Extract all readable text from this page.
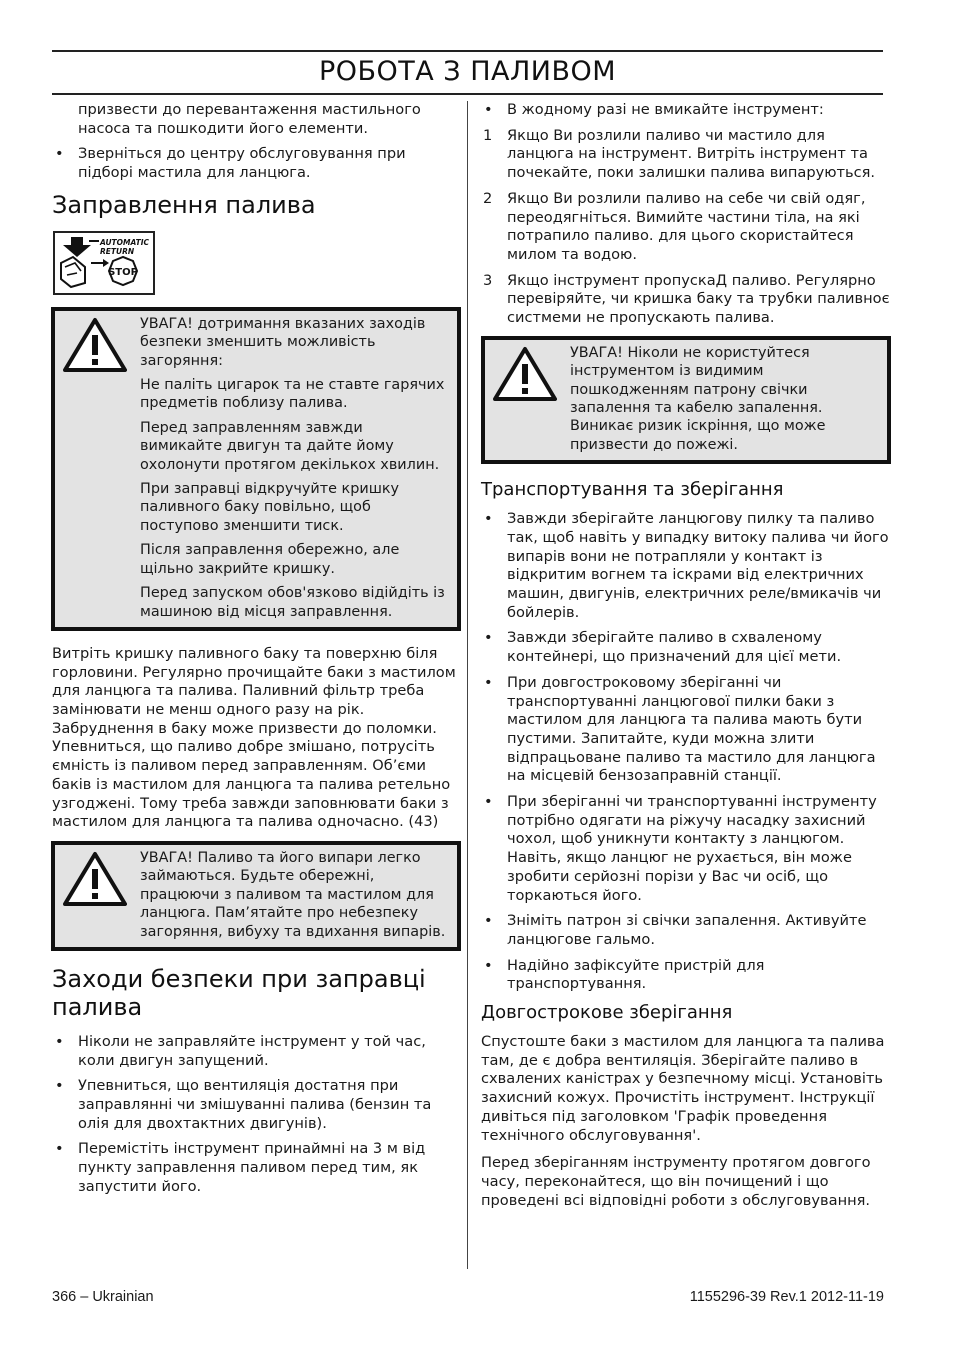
РОБОТА З ПАЛИВОМ

призвести до перевантаження мастильного насоса та пошкодити його елементи.

• Зверніться до центру обслуговування при підборі мастила для ланцюга.
Заправлення палива
AUTOMATIC
RETURN
STOP

УВАГА! дотримання вказаних заходів безпеки зменшить можливість загоряння:

Не паліть цигарок та не ставте гарячих предметів поблизу палива.

Перед заправленням завжди вимикайте двигун та дайте йому охолонути протягом декількох хвилин.

При заправці відкручуйте кришку паливного баку повільно, щоб поступово зменшити тиск.

Після заправлення обережно, але щільно закрийте кришку.

Перед запуском обов'язково відійдіть із машиною від місця заправлення.

Витріть кришку паливного баку та поверхню біля горловини. Регулярно прочищайте баки з мастилом для ланцюга та палива. Паливний фільтр треба замінювати не менш одного разу на рік. Забруднення в баку може призвести до поломки. Упевниться, що паливо добре змішано, потрусіть ємність із паливом перед заправленням. Об’єми баків із мастилом для ланцюга та палива ретельно узгоджені. Тому треба завжди заповнювати баки з мастилом для ланцюга та палива одночасно. (43)

УВАГА! Паливо та його випари легко займаються. Будьте обережні, працюючи з паливом та мастилом для ланцюга. Пам’ятайте про небезпеку загоряння, вибуху та вдихання випарів.

Заходи безпеки при заправці палива
• Ніколи не заправляйте інструмент у той час, коли двигун запущений.
• Упевниться, що вентиляція достатня при заправлянні чи змішуванні палива (бензин та олія для двохтактних двигунів).
• Перемістіть інструмент принаймні на 3 м від пункту заправлення паливом перед тим, як запустити його.
• В жодному разі не вмикайте інструмент:
1 Якщо Ви розлили паливо чи мастило для ланцюга на інструмент. Витріть інструмент та почекайте, поки залишки палива випаруються.
2 Якщо Ви розлили паливо на себе чи свій одяг, переодягніться. Вимийте частини тіла, на які потрапило паливо. для цього скористайтеся милом та водою.
3 Якщо інструмент пропускаД паливо. Регулярно перевіряйте, чи кришка баку та трубки паливноє систмеми не пропускають палива.

УВАГА! Ніколи не користуйтеся інструментом із видимим пошкодженням патрону свічки запалення та кабелю запалення. Виникає ризик іскріння, що може призвести до пожежі.

Транспортування та зберігання
• Завжди зберігайте ланцюгову пилку та паливо так, щоб навіть у випадку витоку палива чи його випарів вони не потрапляли у контакт із відкритим вогнем та іскрами від електричних машин, двигунів, електричних реле/вмикачів чи бойлерів.
• Завжди зберігайте паливо в схваленому контейнері, що призначений для цієї мети.
• При довгостроковому зберіганні чи транспортуванні ланцюгової пилки баки з мастилом для ланцюга та палива мають бути пустими. Запитайте, куди можна злити відпрацьоване паливо та мастило для ланцюга на місцевій бензозаправній станції.
• При зберіганні чи транспортуванні інструменту потрібно одягати на ріжучу насадку захисний чохол, щоб уникнути контакту з ланцюгом. Навіть, якщо ланцюг не рухається, він може зробити серйозні порізи у Вас чи осіб, що торкаються його.
• Зніміть патрон зі свічки запалення. Активуйте ланцюгове гальмо.
• Надійно зафіксуйте пристрій для транспортування.
Довгострокове зберігання

Спустоште баки з мастилом для ланцюга та палива там, де є добра вентиляція. Зберігайте паливо в схвалених каністрах у безпечному місці. Установіть захисний кожух. Прочистіть інструмент. Інструкції дивіться під заголовком 'Графік проведення технічного обслуговування'.

Перед зберіганням інструменту протягом довгого часу, переконайтеся, що він почищений і що проведені всі відповідні роботи з обслуговування.

366 – Ukrainian	1155296-39 Rev.1 2012-11-19
